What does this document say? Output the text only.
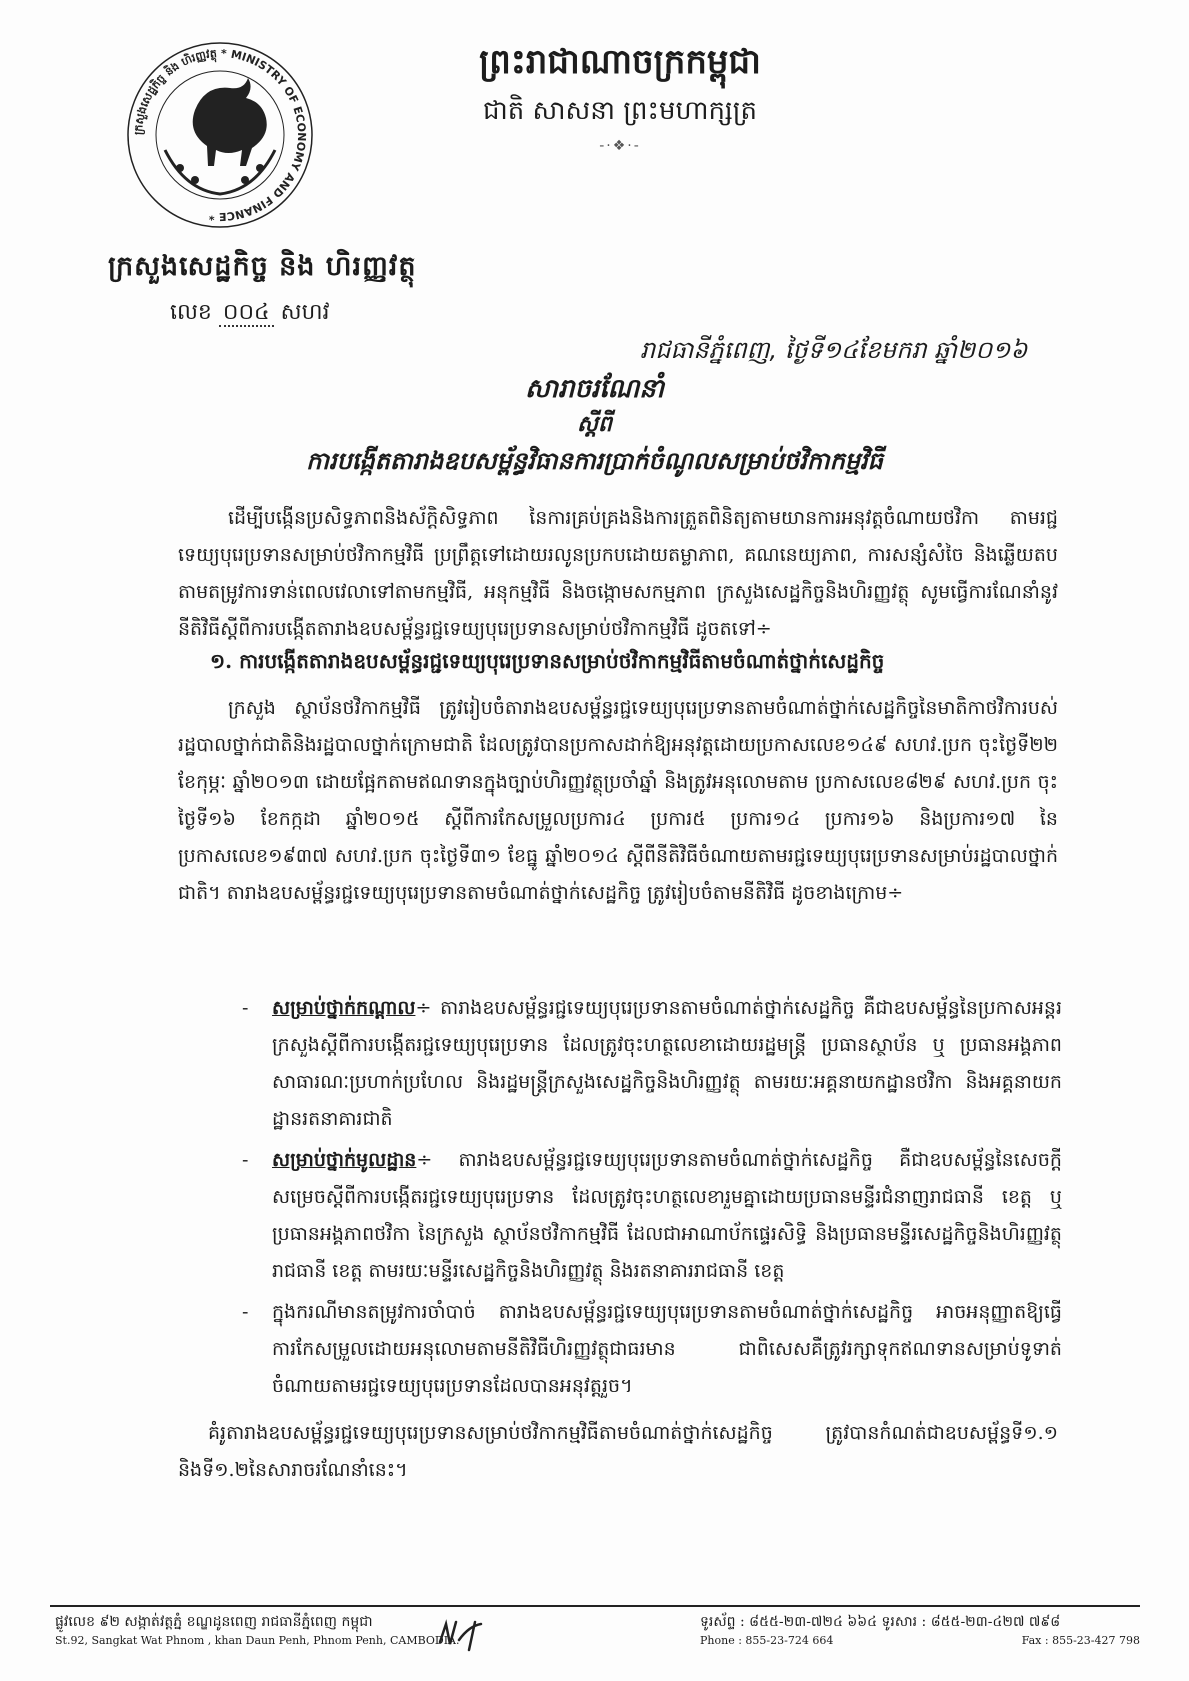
ក្រសួងសេដ្ឋកិច្ច និង ហិរញ្ញវត្ថុ * MINISTRY OF ECONOMY AND FINANCE *
ក្រសួងសេដ្ឋកិច្ច និង ហិរញ្ញវត្ថុ
លេខ ០០៤ សហវ
ព្រះរាជាណាចក្រកម្ពុជា
ជាតិ សាសនា ព្រះមហាក្សត្រ
-·❖·-
រាជធានីភ្នំពេញ, ថ្ងៃទី១៤ខែមករា ឆ្នាំ២០១៦
សារាចរណែនាំ
ស្តីពី
ការបង្កើតតារាងឧបសម្ព័ន្ធវិធានការប្រាក់ចំណូលសម្រាប់ថវិកាកម្មវិធី
ដើម្បីបង្កើនប្រសិទ្ធភាពនិងស័ក្តិសិទ្ធភាព នៃការគ្រប់គ្រងនិងការត្រួតពិនិត្យតាមយានការអនុវត្តចំណាយថវិកា តាមរជ្ជទេយ្យបុរេប្រទានសម្រាប់ថវិកាកម្មវិធី ប្រព្រឹត្តទៅដោយរលូនប្រកបដោយតម្លាភាព, គណនេយ្យភាព, ការសន្សំសំចៃ និងឆ្លើយតបតាមតម្រូវការទាន់ពេលវេលាទៅតាមកម្មវិធី, អនុកម្មវិធី និងចង្កោមសកម្មភាព ក្រសួងសេដ្ឋកិច្ចនិងហិរញ្ញវត្ថុ សូមធ្វើការណែនាំនូវនីតិវិធីស្តីពីការបង្កើតតារាងឧបសម្ព័ន្ធរជ្ជទេយ្យបុរេប្រទានសម្រាប់ថវិកាកម្មវិធី ដូចតទៅ÷
១. ការបង្កើតតារាងឧបសម្ព័ន្ធរជ្ជទេយ្យបុរេប្រទានសម្រាប់ថវិកាកម្មវិធីតាមចំណាត់ថ្នាក់សេដ្ឋកិច្ច
ក្រសួង ស្ថាប័នថវិកាកម្មវិធី ត្រូវរៀបចំតារាងឧបសម្ព័ន្ធរជ្ជទេយ្យបុរេប្រទានតាមចំណាត់ថ្នាក់សេដ្ឋកិច្ចនៃមាតិកាថវិការបស់រដ្ឋបាលថ្នាក់ជាតិនិងរដ្ឋបាលថ្នាក់ក្រោមជាតិ ដែលត្រូវបានប្រកាសដាក់ឱ្យអនុវត្តដោយប្រកាសលេខ១៤៩ សហវ.ប្រក ចុះថ្ងៃទី២២ ខែកុម្ភៈ ឆ្នាំ២០១៣ ដោយផ្អែកតាមឥណទានក្នុងច្បាប់ហិរញ្ញវត្ថុប្រចាំឆ្នាំ និងត្រូវអនុលោមតាម ប្រកាសលេខ៨២៩ សហវ.ប្រក ចុះថ្ងៃទី១៦ ខែកក្កដា ឆ្នាំ២០១៥ ស្តីពីការកែសម្រួលប្រការ៤ ប្រការ៥ ប្រការ១៤ ប្រការ១៦ និងប្រការ១៧ នៃប្រកាសលេខ១៩៣៧ សហវ.ប្រក ចុះថ្ងៃទី៣១ ខែធ្នូ ឆ្នាំ២០១៤ ស្តីពីនីតិវិធីចំណាយតាមរជ្ជទេយ្យបុរេប្រទានសម្រាប់រដ្ឋបាលថ្នាក់ជាតិ។ តារាងឧបសម្ព័ន្ធរជ្ជទេយ្យបុរេប្រទានតាមចំណាត់ថ្នាក់សេដ្ឋកិច្ច ត្រូវរៀបចំតាមនីតិវិធី ដូចខាងក្រោម÷
- សម្រាប់ថ្នាក់កណ្តាល÷ តារាងឧបសម្ព័ន្ធរជ្ជទេយ្យបុរេប្រទានតាមចំណាត់ថ្នាក់សេដ្ឋកិច្ច គឺជាឧបសម្ព័ន្ធនៃប្រកាសអន្តរក្រសួងស្តីពីការបង្កើតរជ្ជទេយ្យបុរេប្រទាន ដែលត្រូវចុះហត្ថលេខាដោយរដ្ឋមន្ត្រី ប្រធានស្ថាប័ន ឬ ប្រធានអង្គភាពសាធារណៈប្រហាក់ប្រហែល និងរដ្ឋមន្ត្រីក្រសួងសេដ្ឋកិច្ចនិងហិរញ្ញវត្ថុ តាមរយៈអគ្គនាយកដ្ឋានថវិកា និងអគ្គនាយកដ្ឋានរតនាគារជាតិ
- សម្រាប់ថ្នាក់មូលដ្ឋាន÷ តារាងឧបសម្ព័ន្ធរជ្ជទេយ្យបុរេប្រទានតាមចំណាត់ថ្នាក់សេដ្ឋកិច្ច គឺជាឧបសម្ព័ន្ធនៃសេចក្តីសម្រេចស្តីពីការបង្កើតរជ្ជទេយ្យបុរេប្រទាន ដែលត្រូវចុះហត្ថលេខារួមគ្នាដោយប្រធានមន្ទីរជំនាញរាជធានី ខេត្ត ឬ ប្រធានអង្គភាពថវិកា នៃក្រសួង ស្ថាប័នថវិកាកម្មវិធី ដែលជាអាណាប័កផ្ទេរសិទ្ធិ និងប្រធានមន្ទីរសេដ្ឋកិច្ចនិងហិរញ្ញវត្ថុរាជធានី ខេត្ត តាមរយៈមន្ទីរសេដ្ឋកិច្ចនិងហិរញ្ញវត្ថុ និងរតនាគាររាជធានី ខេត្ត
- ក្នុងករណីមានតម្រូវការចាំបាច់ តារាងឧបសម្ព័ន្ធរជ្ជទេយ្យបុរេប្រទានតាមចំណាត់ថ្នាក់សេដ្ឋកិច្ច អាចអនុញ្ញាតឱ្យធ្វើការកែសម្រួលដោយអនុលោមតាមនីតិវិធីហិរញ្ញវត្ថុជាធរមាន ជាពិសេសគឺត្រូវរក្សាទុកឥណទានសម្រាប់ទូទាត់ចំណាយតាមរជ្ជទេយ្យបុរេប្រទានដែលបានអនុវត្តរួច។
គំរូតារាងឧបសម្ព័ន្ធរជ្ជទេយ្យបុរេប្រទានសម្រាប់ថវិកាកម្មវិធីតាមចំណាត់ថ្នាក់សេដ្ឋកិច្ច ត្រូវបានកំណត់ជាឧបសម្ព័ន្ធទី១.១ និងទី១.២នៃសារាចរណែនាំនេះ។
ផ្លូវលេខ ៩២ សង្កាត់វត្តភ្នំ ខណ្ឌដូនពេញ រាជធានីភ្នំពេញ កម្ពុជា
St.92, Sangkat Wat Phnom , khan Daun Penh, Phnom Penh, CAMBODIA.
ទូរស័ព្ទ : ៨៥៥-២៣-៧២៤ ៦៦៤ ទូរសារ : ៨៥៥-២៣-៤២៧ ៧៩៨
Phone : 855-23-724 664	Fax : 855-23-427 798
